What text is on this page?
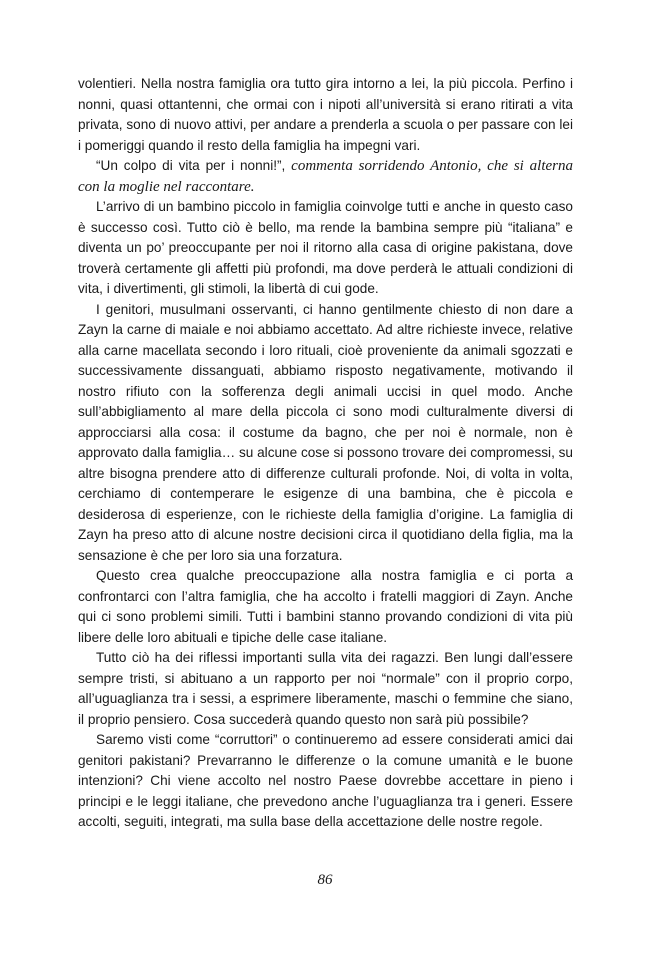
volentieri. Nella nostra famiglia ora tutto gira intorno a lei, la più piccola. Perfino i nonni, quasi ottantenni, che ormai con i nipoti all’università si erano ritirati a vita privata, sono di nuovo attivi, per andare a prenderla a scuola o per passare con lei i pomeriggi quando il resto della famiglia ha impegni vari.

“Un colpo di vita per i nonni!”, commenta sorridendo Antonio, che si alterna con la moglie nel raccontare.

L’arrivo di un bambino piccolo in famiglia coinvolge tutti e anche in questo caso è successo così. Tutto ciò è bello, ma rende la bambina sempre più “italiana” e diventa un po’ preoccupante per noi il ritorno alla casa di origine pakistana, dove troverà certamente gli affetti più profondi, ma dove perderà le attuali condizioni di vita, i divertimenti, gli stimoli, la libertà di cui gode.

I genitori, musulmani osservanti, ci hanno gentilmente chiesto di non dare a Zayn la carne di maiale e noi abbiamo accettato. Ad altre richieste invece, relative alla carne macellata secondo i loro rituali, cioè proveniente da animali sgozzati e successivamente dissanguati, abbiamo risposto negativamente, motivando il nostro rifiuto con la sofferenza degli animali uccisi in quel modo. Anche sull’abbigliamento al mare della piccola ci sono modi culturalmente diversi di approcciarsi alla cosa: il costume da bagno, che per noi è normale, non è approvato dalla famiglia… su alcune cose si possono trovare dei compromessi, su altre bisogna prendere atto di differenze culturali profonde. Noi, di volta in volta, cerchiamo di contemperare le esigenze di una bambina, che è piccola e desiderosa di esperienze, con le richieste della famiglia d’origine. La famiglia di Zayn ha preso atto di alcune nostre decisioni circa il quotidiano della figlia, ma la sensazione è che per loro sia una forzatura.

Questo crea qualche preoccupazione alla nostra famiglia e ci porta a confrontarci con l’altra famiglia, che ha accolto i fratelli maggiori di Zayn. Anche qui ci sono problemi simili. Tutti i bambini stanno provando condizioni di vita più libere delle loro abituali e tipiche delle case italiane.

Tutto ciò ha dei riflessi importanti sulla vita dei ragazzi. Ben lungi dall’essere sempre tristi, si abituano a un rapporto per noi “normale” con il proprio corpo, all’uguaglianza tra i sessi, a esprimere liberamente, maschi o femmine che siano, il proprio pensiero. Cosa succederà quando questo non sarà più possibile?

Saremo visti come “corruttori” o continueremo ad essere considerati amici dai genitori pakistani? Prevarranno le differenze o la comune umanità e le buone intenzioni? Chi viene accolto nel nostro Paese dovrebbe accettare in pieno i principi e le leggi italiane, che prevedono anche l’uguaglianza tra i generi. Essere accolti, seguiti, integrati, ma sulla base della accettazione delle nostre regole.

86
